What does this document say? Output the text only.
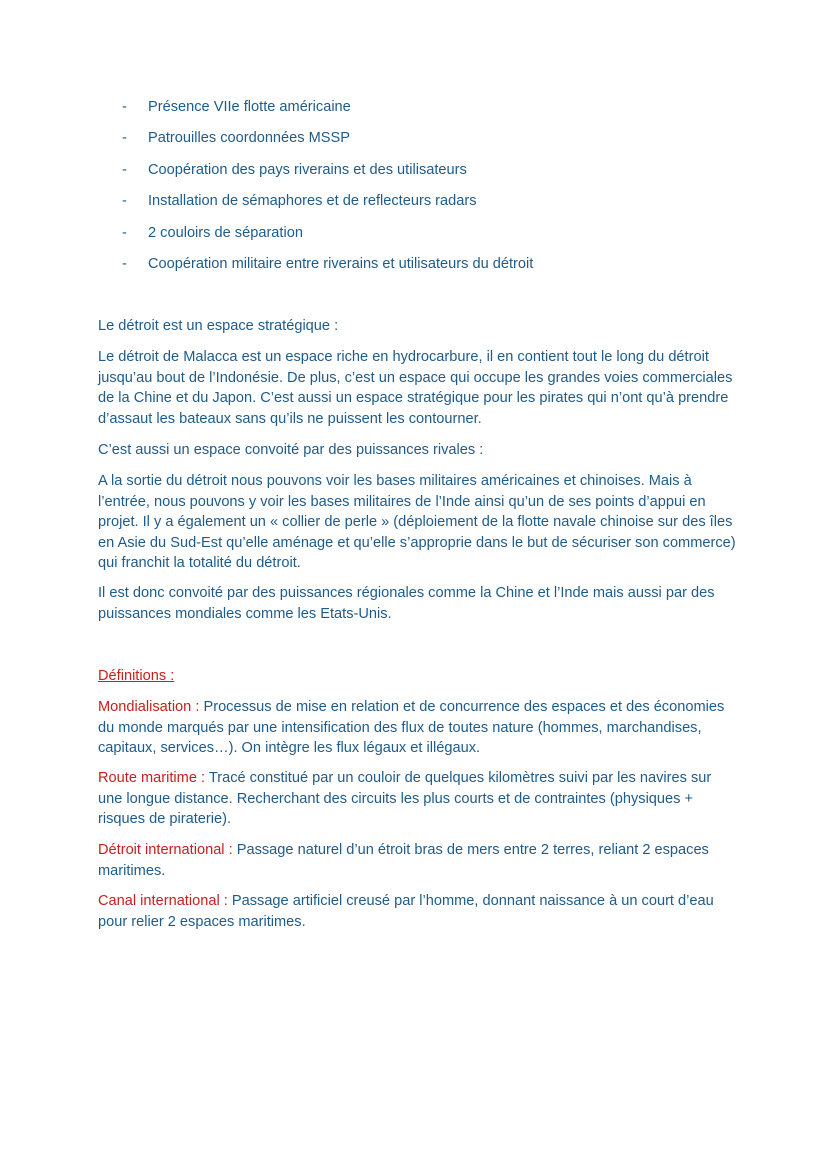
- Présence VIIe flotte américaine
- Patrouilles coordonnées MSSP
- Coopération des pays riverains et des utilisateurs
- Installation de sémaphores et de reflecteurs radars
- 2 couloirs de séparation
- Coopération militaire entre riverains et utilisateurs du détroit

Le détroit est un espace stratégique :

Le détroit de Malacca est un espace riche en hydrocarbure, il en contient tout le long du détroit jusqu’au bout de l’Indonésie. De plus, c’est un espace qui occupe les grandes voies commerciales de la Chine et du Japon. C’est aussi un espace stratégique pour les pirates qui n’ont qu’à prendre d’assaut les bateaux sans qu’ils ne puissent les contourner.

C’est aussi un espace convoité par des puissances rivales :

A la sortie du détroit nous pouvons voir les bases militaires américaines et chinoises. Mais à l’entrée, nous pouvons y voir les bases militaires de l’Inde ainsi qu’un de ses points d’appui en projet. Il y a également un « collier de perle » (déploiement de la flotte navale chinoise sur des îles en Asie du Sud-Est qu’elle aménage et qu’elle s’approprie dans le but de sécuriser son commerce) qui franchit la totalité du détroit.

Il est donc convoité par des puissances régionales comme la Chine et l’Inde mais aussi par des puissances mondiales comme les Etats-Unis.

Définitions :

Mondialisation : Processus de mise en relation et de concurrence des espaces et des économies du monde marqués par une intensification des flux de toutes nature (hommes, marchandises, capitaux, services…). On intègre les flux légaux et illégaux.

Route maritime : Tracé constitué par un couloir de quelques kilomètres suivi par les navires sur une longue distance. Recherchant des circuits les plus courts et de contraintes (physiques + risques de piraterie).

Détroit international : Passage naturel d’un étroit bras de mers entre 2 terres, reliant 2 espaces maritimes.

Canal international : Passage artificiel creusé par l’homme, donnant naissance à un court d’eau pour relier 2 espaces maritimes.
